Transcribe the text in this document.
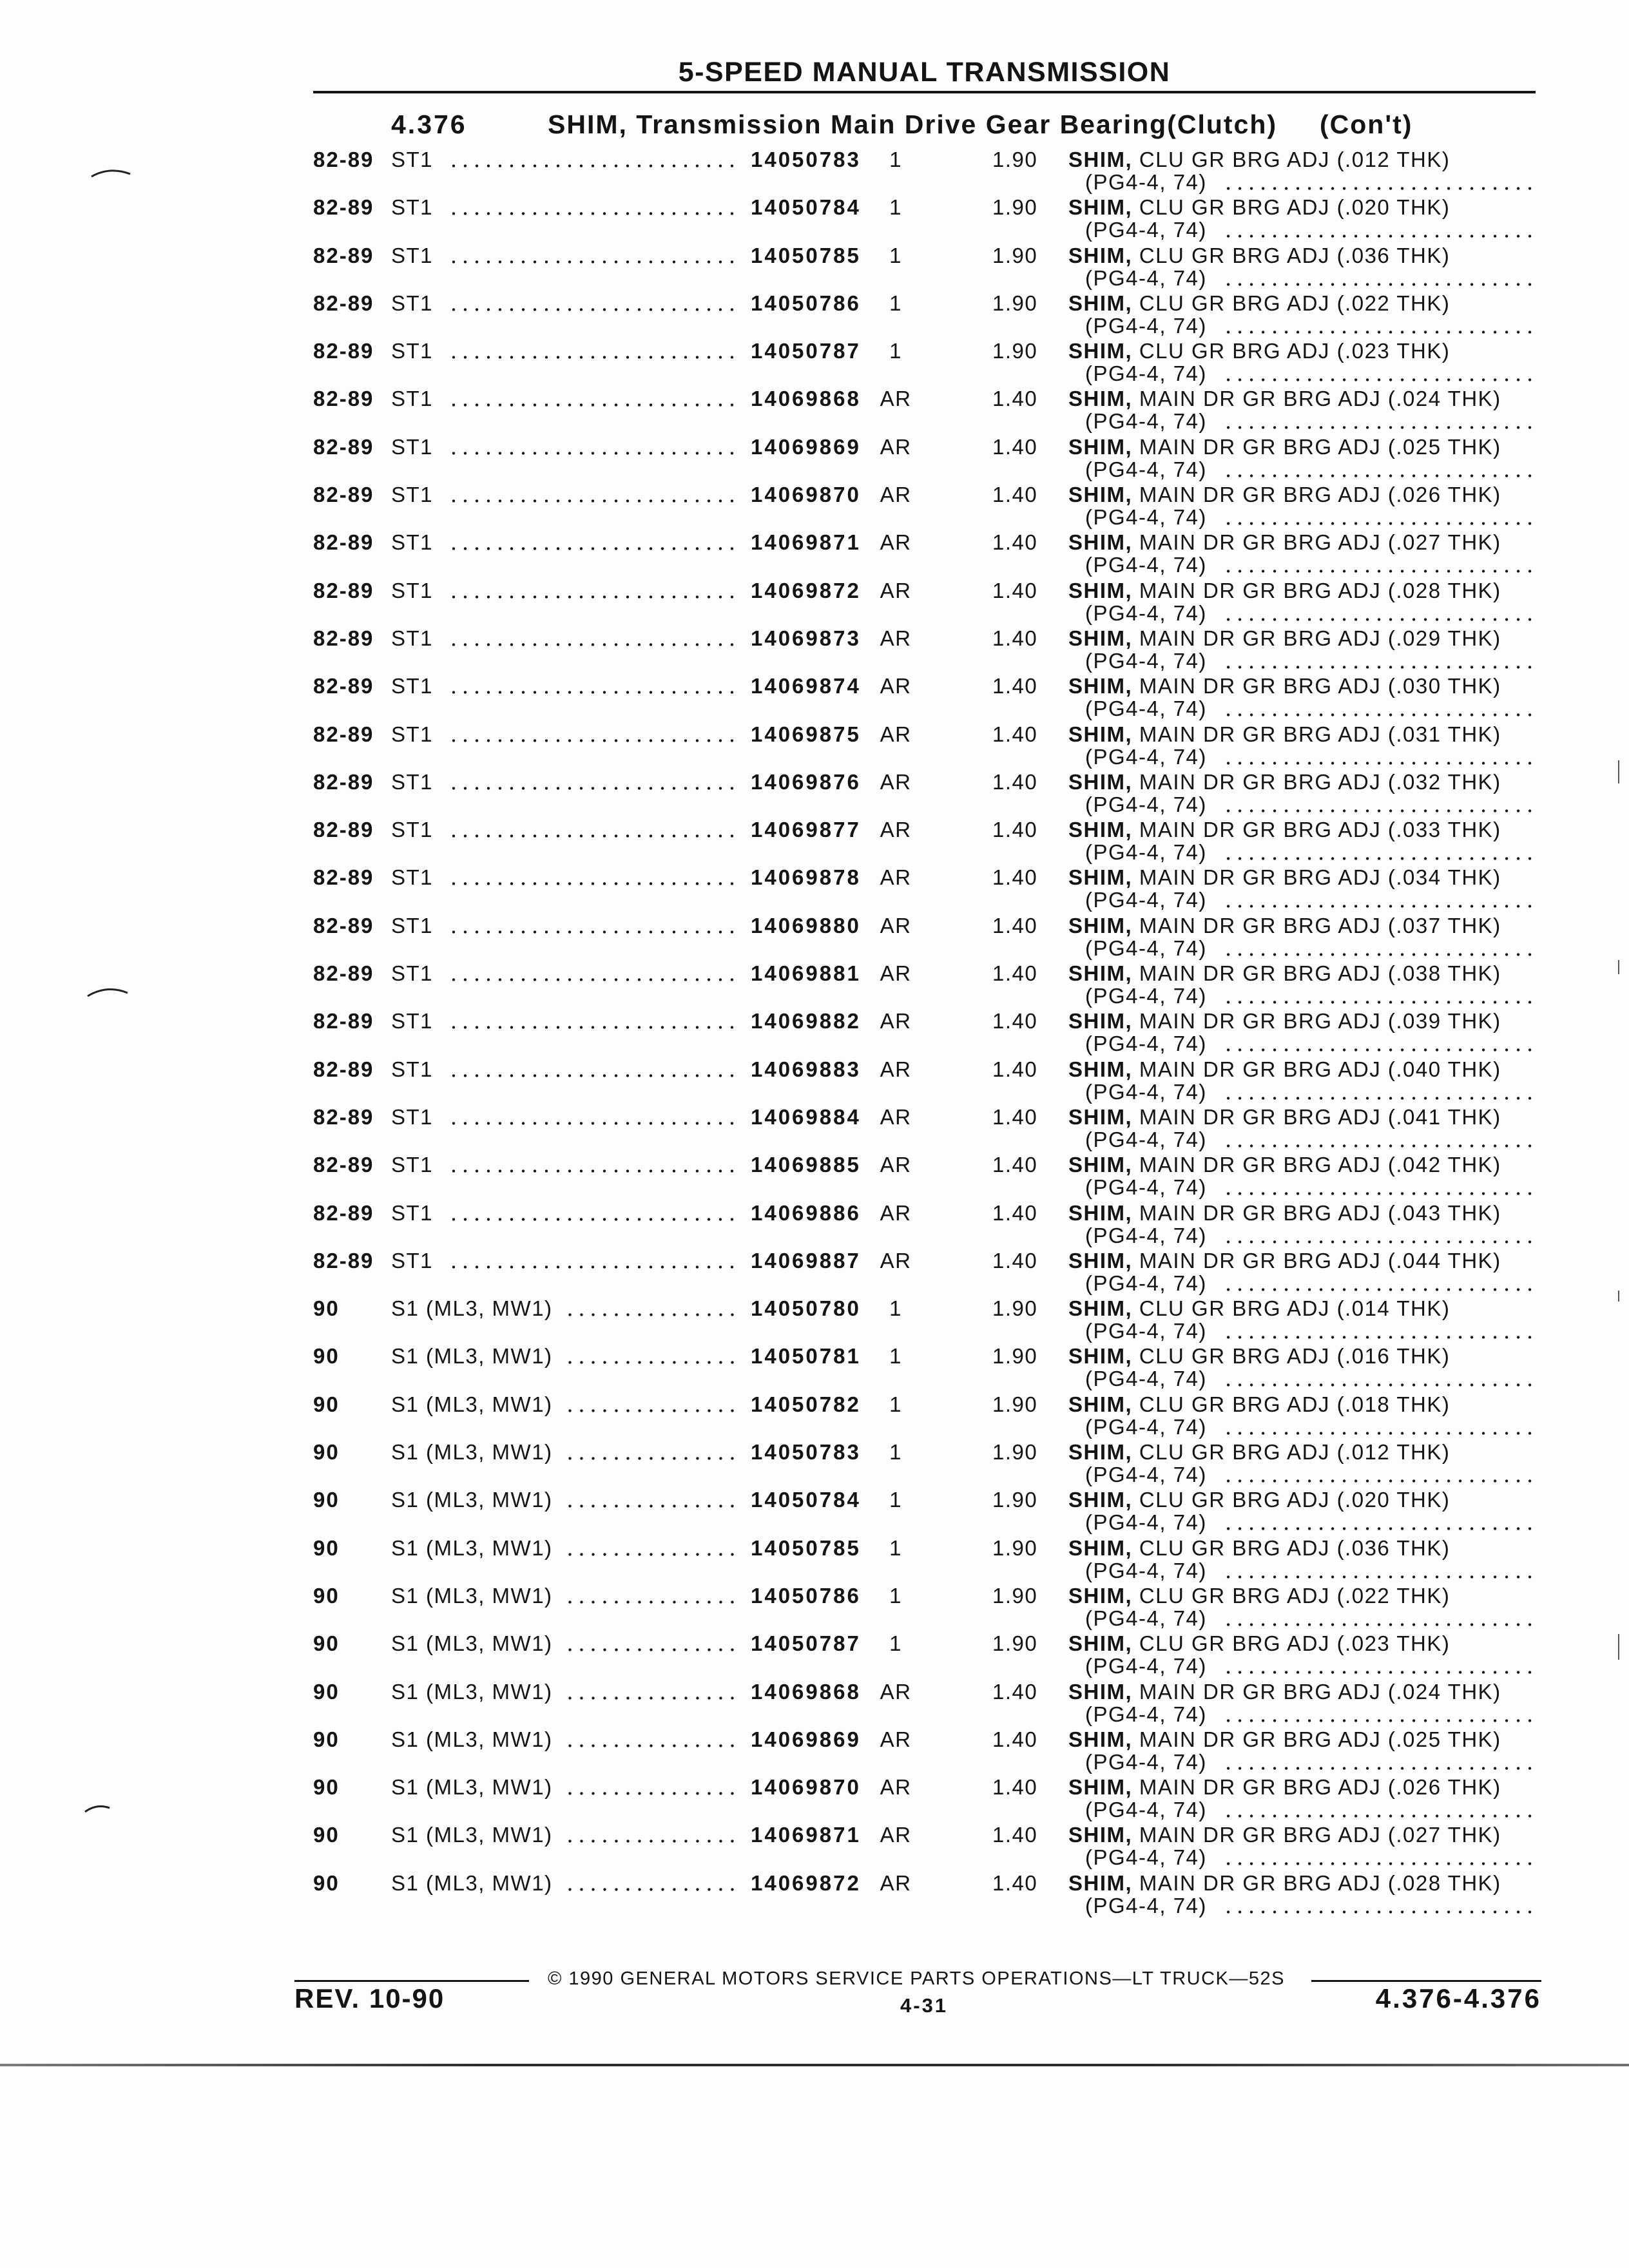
5-SPEED MANUAL TRANSMISSION
4.376	SHIM, Transmission Main Drive Gear Bearing(Clutch) (Con't)
82-89 ST1	14050783	1	1.90 SHIM, CLU GR BRG ADJ (.012 THK)
(PG4-4, 74)
82-89 ST1	14050784	1	1.90 SHIM, CLU GR BRG ADJ (.020 THK)
(PG4-4, 74)
82-89 ST1	14050785	1	1.90 SHIM, CLU GR BRG ADJ (.036 THK)
(PG4-4, 74)
82-89 ST1	14050786	1	1.90 SHIM, CLU GR BRG ADJ (.022 THK)
(PG4-4, 74)
82-89 ST1	14050787	1	1.90 SHIM, CLU GR BRG ADJ (.023 THK)
(PG4-4, 74)
82-89 ST1	14069868 AR	1.40 SHIM, MAIN DR GR BRG ADJ (.024 THK)
(PG4-4, 74)
82-89 ST1	14069869 AR	1.40 SHIM, MAIN DR GR BRG ADJ (.025 THK)
(PG4-4, 74)
82-89 ST1	14069870 AR	1.40 SHIM, MAIN DR GR BRG ADJ (.026 THK)
(PG4-4, 74)
82-89 ST1	14069871 AR	1.40 SHIM, MAIN DR GR BRG ADJ (.027 THK)
(PG4-4, 74)
82-89 ST1	14069872 AR	1.40 SHIM, MAIN DR GR BRG ADJ (.028 THK)
(PG4-4, 74)
82-89 ST1	14069873 AR	1.40 SHIM, MAIN DR GR BRG ADJ (.029 THK)
(PG4-4, 74)
82-89 ST1	14069874 AR	1.40 SHIM, MAIN DR GR BRG ADJ (.030 THK)
(PG4-4, 74)
82-89 ST1	14069875 AR	1.40 SHIM, MAIN DR GR BRG ADJ (.031 THK)
(PG4-4, 74)
82-89 ST1	14069876 AR	1.40 SHIM, MAIN DR GR BRG ADJ (.032 THK)
(PG4-4, 74)
82-89 ST1	14069877 AR	1.40 SHIM, MAIN DR GR BRG ADJ (.033 THK)
(PG4-4, 74)
82-89 ST1	14069878 AR	1.40 SHIM, MAIN DR GR BRG ADJ (.034 THK)
(PG4-4, 74)
82-89 ST1	14069880 AR	1.40 SHIM, MAIN DR GR BRG ADJ (.037 THK)
(PG4-4, 74)
82-89 ST1	14069881 AR	1.40 SHIM, MAIN DR GR BRG ADJ (.038 THK)
(PG4-4, 74)
82-89 ST1	14069882 AR	1.40 SHIM, MAIN DR GR BRG ADJ (.039 THK)
(PG4-4, 74)
82-89 ST1	14069883 AR	1.40 SHIM, MAIN DR GR BRG ADJ (.040 THK)
(PG4-4, 74)
82-89 ST1	14069884 AR	1.40 SHIM, MAIN DR GR BRG ADJ (.041 THK)
(PG4-4, 74)
82-89 ST1	14069885 AR	1.40 SHIM, MAIN DR GR BRG ADJ (.042 THK)
(PG4-4, 74)
82-89 ST1	14069886 AR	1.40 SHIM, MAIN DR GR BRG ADJ (.043 THK)
(PG4-4, 74)
82-89 ST1	14069887 AR	1.40 SHIM, MAIN DR GR BRG ADJ (.044 THK)
(PG4-4, 74)
90 S1 (ML3, MW1)	14050780	1	1.90 SHIM, CLU GR BRG ADJ (.014 THK)
(PG4-4, 74)
90 S1 (ML3, MW1)	14050781	1	1.90 SHIM, CLU GR BRG ADJ (.016 THK)
(PG4-4, 74)
90 S1 (ML3, MW1)	14050782	1	1.90 SHIM, CLU GR BRG ADJ (.018 THK)
(PG4-4, 74)
90 S1 (ML3, MW1)	14050783	1	1.90 SHIM, CLU GR BRG ADJ (.012 THK)
(PG4-4, 74)
90 S1 (ML3, MW1)	14050784	1	1.90 SHIM, CLU GR BRG ADJ (.020 THK)
(PG4-4, 74)
90 S1 (ML3, MW1)	14050785	1	1.90 SHIM, CLU GR BRG ADJ (.036 THK)
(PG4-4, 74)
90 S1 (ML3, MW1)	14050786	1	1.90 SHIM, CLU GR BRG ADJ (.022 THK)
(PG4-4, 74)
90 S1 (ML3, MW1)	14050787	1	1.90 SHIM, CLU GR BRG ADJ (.023 THK)
(PG4-4, 74)
90 S1 (ML3, MW1)	14069868 AR	1.40 SHIM, MAIN DR GR BRG ADJ (.024 THK)
(PG4-4, 74)
90 S1 (ML3, MW1)	14069869 AR	1.40 SHIM, MAIN DR GR BRG ADJ (.025 THK)
(PG4-4, 74)
90 S1 (ML3, MW1)	14069870 AR	1.40 SHIM, MAIN DR GR BRG ADJ (.026 THK)
(PG4-4, 74)
90 S1 (ML3, MW1)	14069871 AR	1.40 SHIM, MAIN DR GR BRG ADJ (.027 THK)
(PG4-4, 74)
90 S1 (ML3, MW1)	14069872 AR	1.40 SHIM, MAIN DR GR BRG ADJ (.028 THK)
(PG4-4, 74)
© 1990 GENERAL MOTORS SERVICE PARTS OPERATIONS—LT TRUCK—52S
REV. 10-90	4-31	4.376-4.376
